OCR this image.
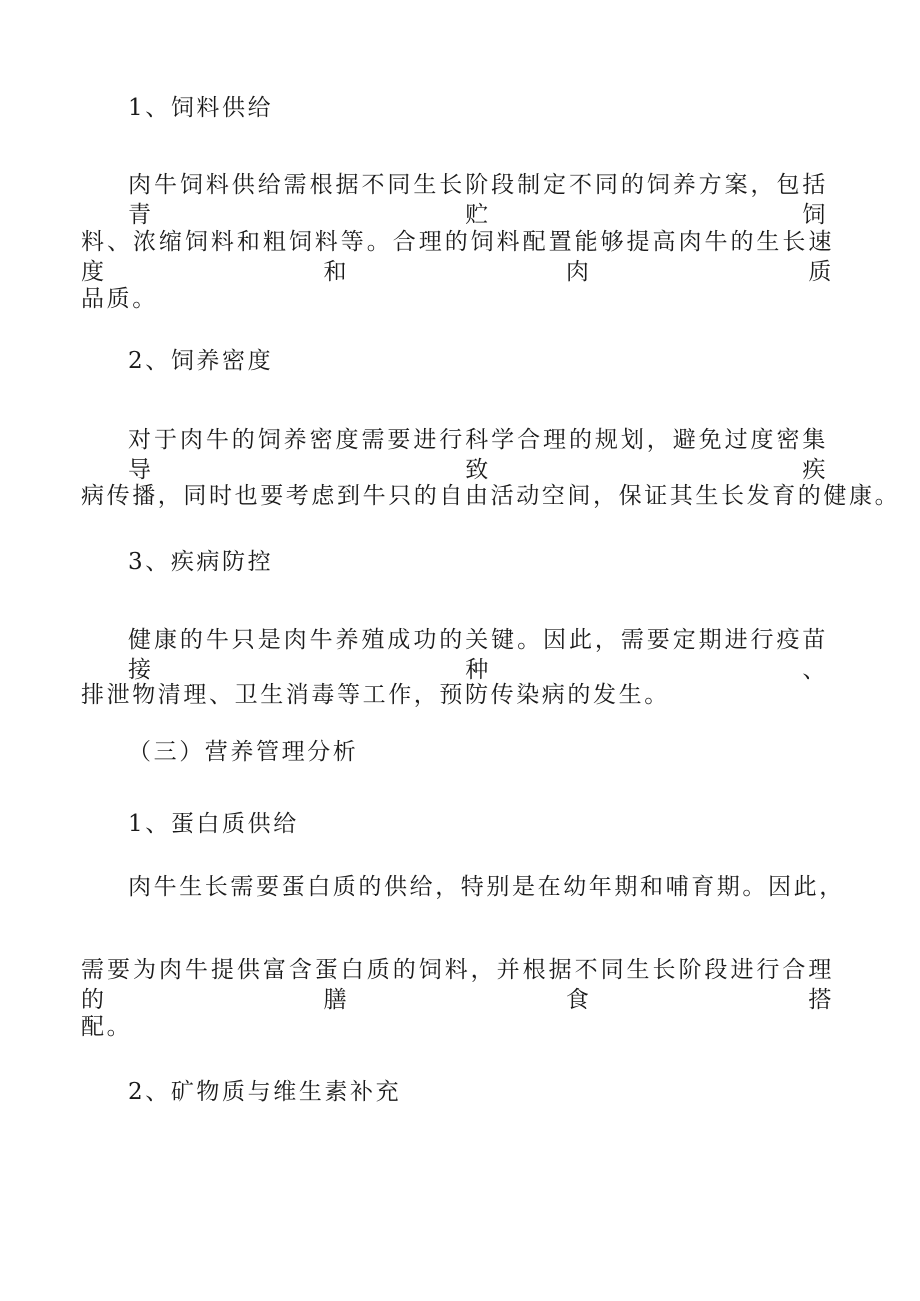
1、饲料供给
肉牛饲料供给需根据不同生长阶段制定不同的饲养方案，包括青贮饲
料、浓缩饲料和粗饲料等。合理的饲料配置能够提高肉牛的生长速度和肉质
品质。
2、饲养密度
对于肉牛的饲养密度需要进行科学合理的规划，避免过度密集导致疾
病传播，同时也要考虑到牛只的自由活动空间，保证其生长发育的健康。
3、疾病防控
健康的牛只是肉牛养殖成功的关键。因此，需要定期进行疫苗接种、
排泄物清理、卫生消毒等工作，预防传染病的发生。
（三）营养管理分析
1、蛋白质供给
肉牛生长需要蛋白质的供给，特别是在幼年期和哺育期。因此，
需要为肉牛提供富含蛋白质的饲料，并根据不同生长阶段进行合理的膳食搭
配。
2、矿物质与维生素补充
